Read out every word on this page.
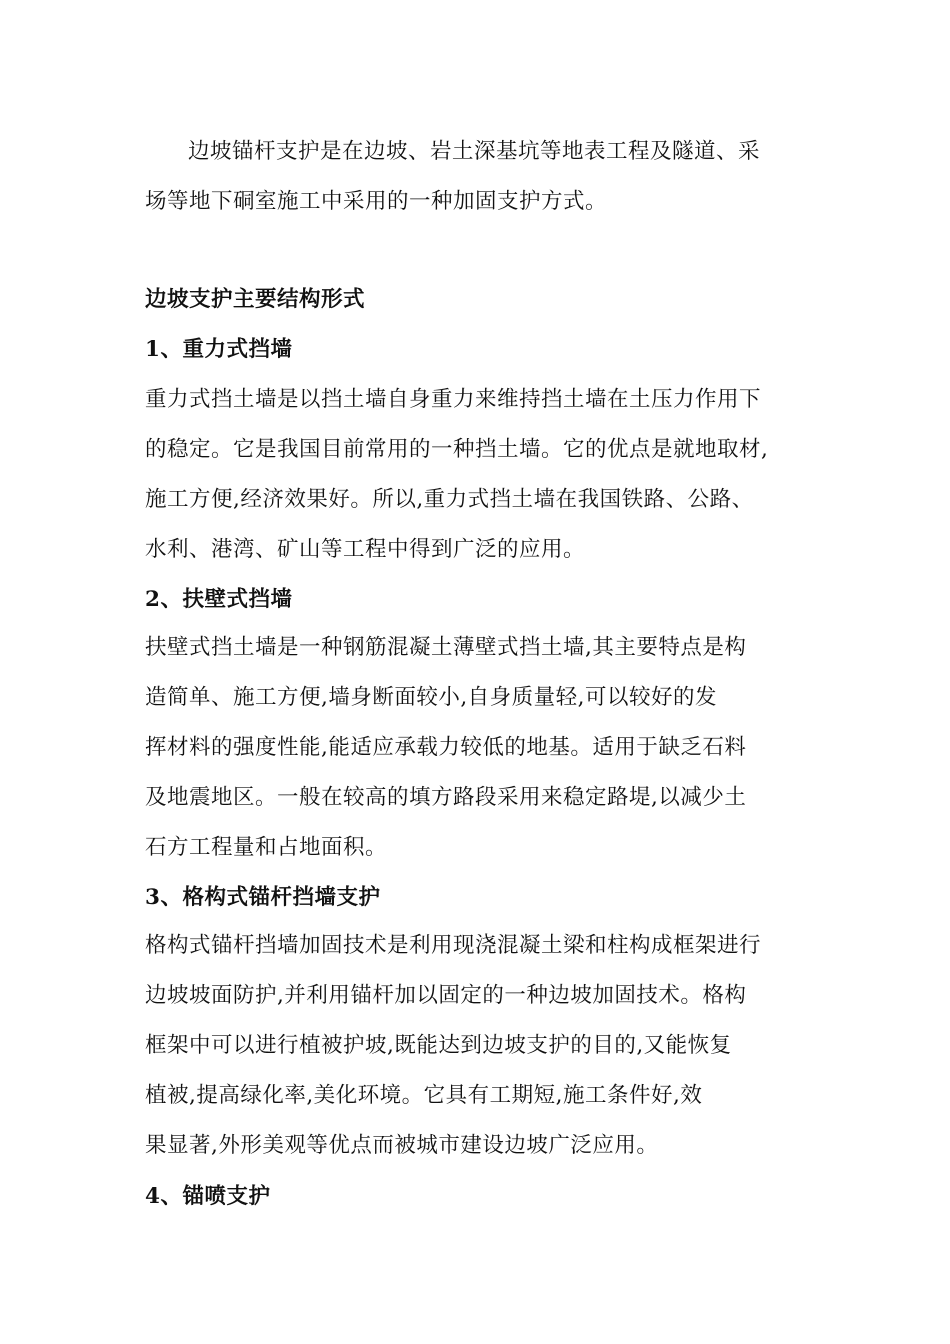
边坡锚杆支护是在边坡、岩土深基坑等地表工程及隧道、采
场等地下硐室施工中采用的一种加固支护方式。
边坡支护主要结构形式
1、重力式挡墙
重力式挡土墙是以挡土墙自身重力来维持挡土墙在土压力作用下
的稳定。它是我国目前常用的一种挡土墙。它的优点是就地取材,
施工方便,经济效果好。所以,重力式挡土墙在我国铁路、公路、
水利、港湾、矿山等工程中得到广泛的应用。
2、扶壁式挡墙
扶壁式挡土墙是一种钢筋混凝土薄壁式挡土墙,其主要特点是构
造简单、施工方便,墙身断面较小,自身质量轻,可以较好的发
挥材料的强度性能,能适应承载力较低的地基。适用于缺乏石料
及地震地区。一般在较高的填方路段采用来稳定路堤,以减少土
石方工程量和占地面积。
3、格构式锚杆挡墙支护
格构式锚杆挡墙加固技术是利用现浇混凝土梁和柱构成框架进行
边坡坡面防护,并利用锚杆加以固定的一种边坡加固技术。格构
框架中可以进行植被护坡,既能达到边坡支护的目的,又能恢复
植被,提高绿化率,美化环境。它具有工期短,施工条件好,效
果显著,外形美观等优点而被城市建设边坡广泛应用。
4、锚喷支护
